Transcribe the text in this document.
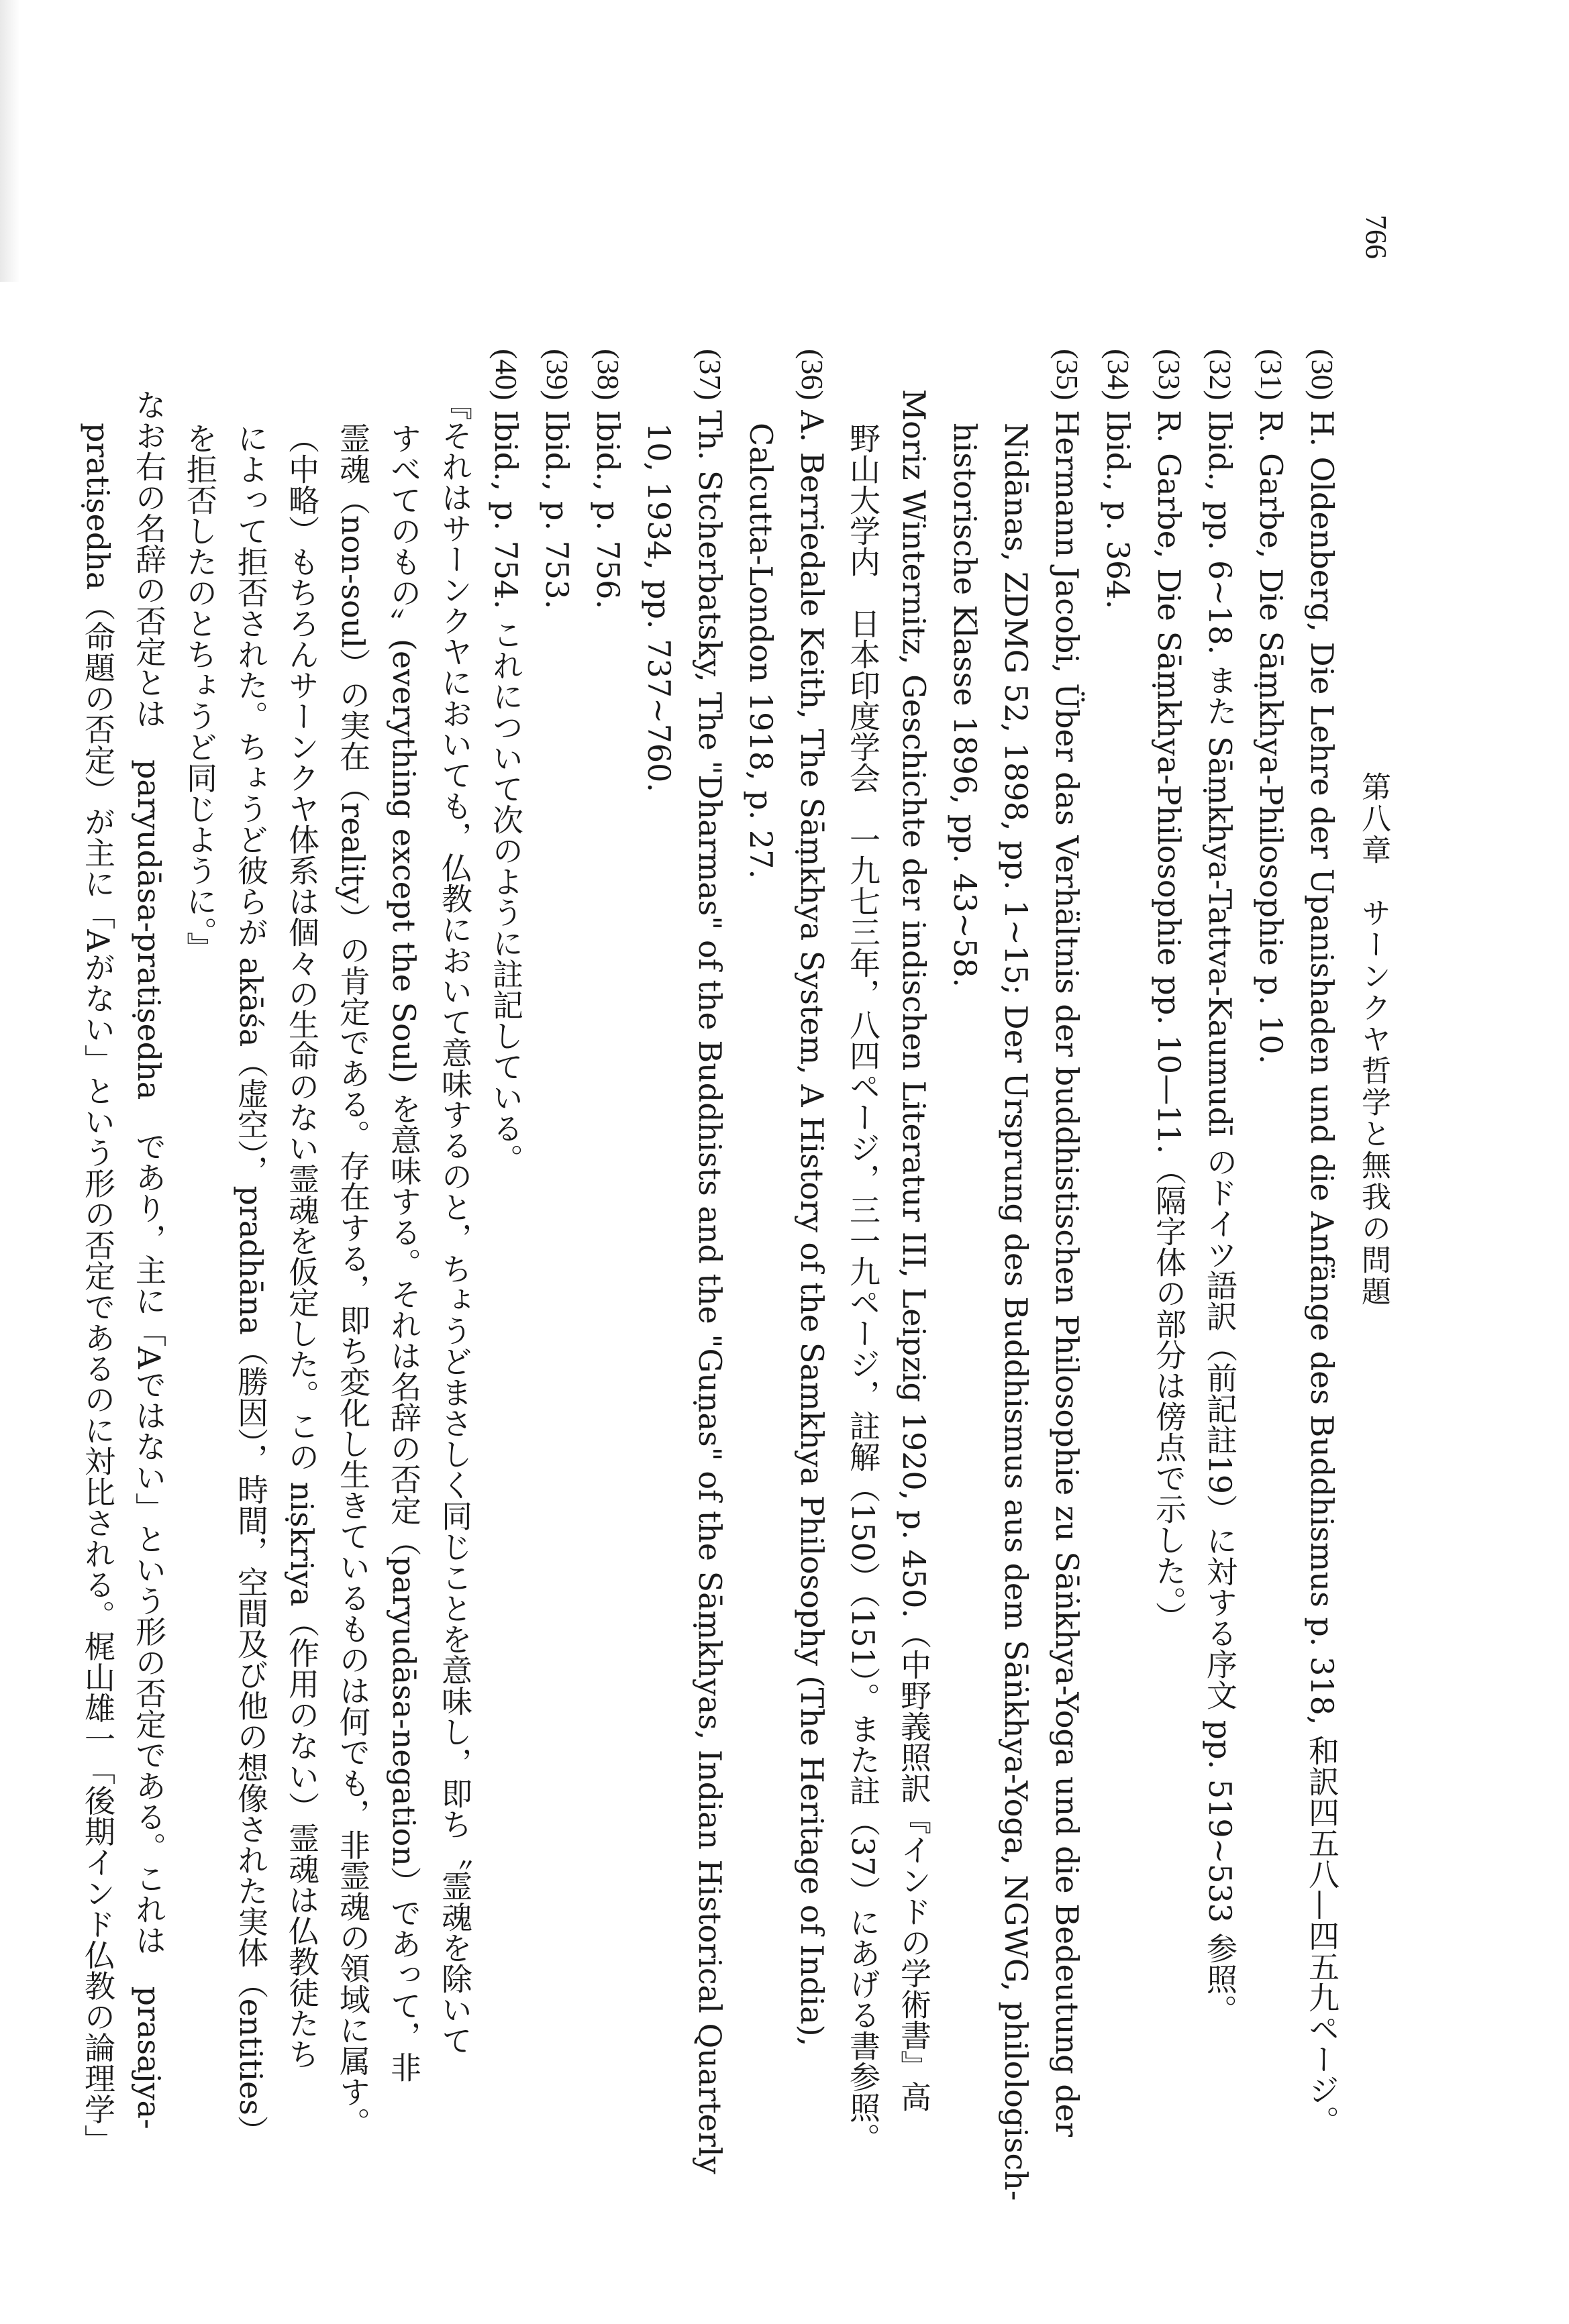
766
第八章　サーンクヤ哲学と無我の問題
(30) H. Oldenberg, Die Lehre der Upanishaden und die Anfänge des Buddhismus p. 318, 和訳四五八—四五九ページ。
(31) R. Garbe, Die Sāṃkhya-Philosophie p. 10.
(32) Ibid., pp. 6~18. また Sāṃkhya-Tattva-Kaumudī のドイツ語訳（前記註19）に対する序文 pp. 519~533 参照。
(33) R. Garbe, Die Sāṃkhya-Philosophie pp. 10—11.（隔字体の部分は傍点で示した。）
(34) Ibid., p. 364.
(35) Hermann Jacobi, Über das Verhältnis der buddhistischen Philosophie zu Sāṅkhya-Yoga und die Bedeutung der
Nidānas, ZDMG 52, 1898, pp. 1~15; Der Ursprung des Buddhismus aus dem Sāṅkhya-Yoga, NGWG, philologisch-
historische Klasse 1896, pp. 43~58.
Moriz Winternitz, Geschichte der indischen Literatur III, Leipzig 1920, p. 450.（中野義照訳『インドの学術書』高
野山大学内　日本印度学会　一九七三年，八四ページ，三一九ページ，註解（150）（151）。また註（37）にあげる書参照。
(36) A. Berriedale Keith, The Sāṃkhya System, A History of the Samkhya Philosophy (The Heritage of India),
Calcutta-London 1918, p. 27.
(37) Th. Stcherbatsky, The "Dharmas" of the Buddhists and the "Guṇas" of the Sāṃkhyas, Indian Historical Quarterly
10, 1934, pp. 737~760.
(38) Ibid., p. 756.
(39) Ibid., p. 753.
(40) Ibid., p. 754. これについて次のように註記している。
『それはサーンクヤにおいても，仏教において意味するのと，ちょうどまさしく同じことを意味し，即ち〝霊魂を除いて
すべてのもの〟(everything except the Soul) を意味する。それは名辞の否定（paryudāsa-negation）であって，非
霊魂（non-soul）の実在（reality）の肯定である。存在する，即ち変化し生きているものは何でも，非霊魂の領域に属す。
（中略）もちろんサーンクヤ体系は個々の生命のない霊魂を仮定した。この niṣkriya（作用のない）霊魂は仏教徒たち
によって拒否された。ちょうど彼らが akāśa（虚空），pradhāna（勝因），時間，空間及び他の想像された実体（entities）
を拒否したのとちょうど同じように。』
なお右の名辞の否定とは　paryudāsa-pratiṣedha　であり，主に「Aではない」という形の否定である。これは　prasajya-
pratiṣedha（命題の否定）が主に「Aがない」という形の否定であるのに対比される。梶山雄一「後期インド仏教の論理学」
